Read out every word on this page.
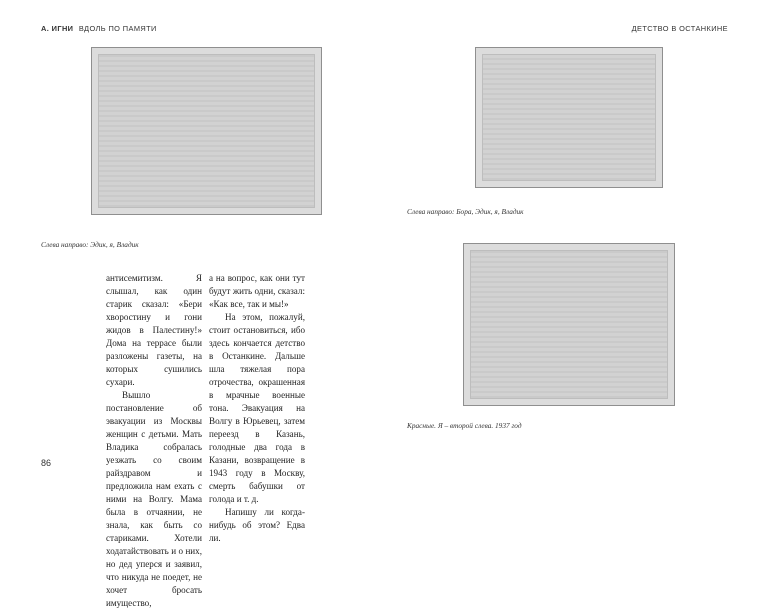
А. ИГНИ ВДОЛЬ ПО ПАМЯТИ	ДЕТСТВО В ОСТАНКИНЕ
Слева направо: Эдик, я, Владик

антисемитизм. Я слышал, как один старик сказал: «Бери хворостину и гони жидов в Палестину!» Дома на террасе были разложены газеты, на которых сушились сухари.

Вышло постановление об эвакуации из Москвы женщин с детьми. Мать Владика собралась уезжать со своим райздравом и предложила нам ехать с ними на Волгу. Мама была в отчаянии, не знала, как быть со стариками. Хотели ходатайствовать и о них, но дед уперся и заявил, что никуда не поедет, не хочет бросать имущество,

а на вопрос, как они тут будут жить одни, сказал: «Как все, так и мы!»

На этом, пожалуй, стоит остановиться, ибо здесь кончается детство в Останкине. Дальше шла тяжелая пора отрочества, окрашенная в мрачные военные тона. Эвакуация на Волгу в Юрьевец, затем переезд в Казань, голодные два года в Казани, возвращение в 1943 году в Москву, смерть бабушки от голода и т. д.

Напишу ли когда-нибудь об этом? Едва ли.

86
Слева направо: Бора, Эдик, я, Владик
Красные. Я – второй слева. 1937 год
